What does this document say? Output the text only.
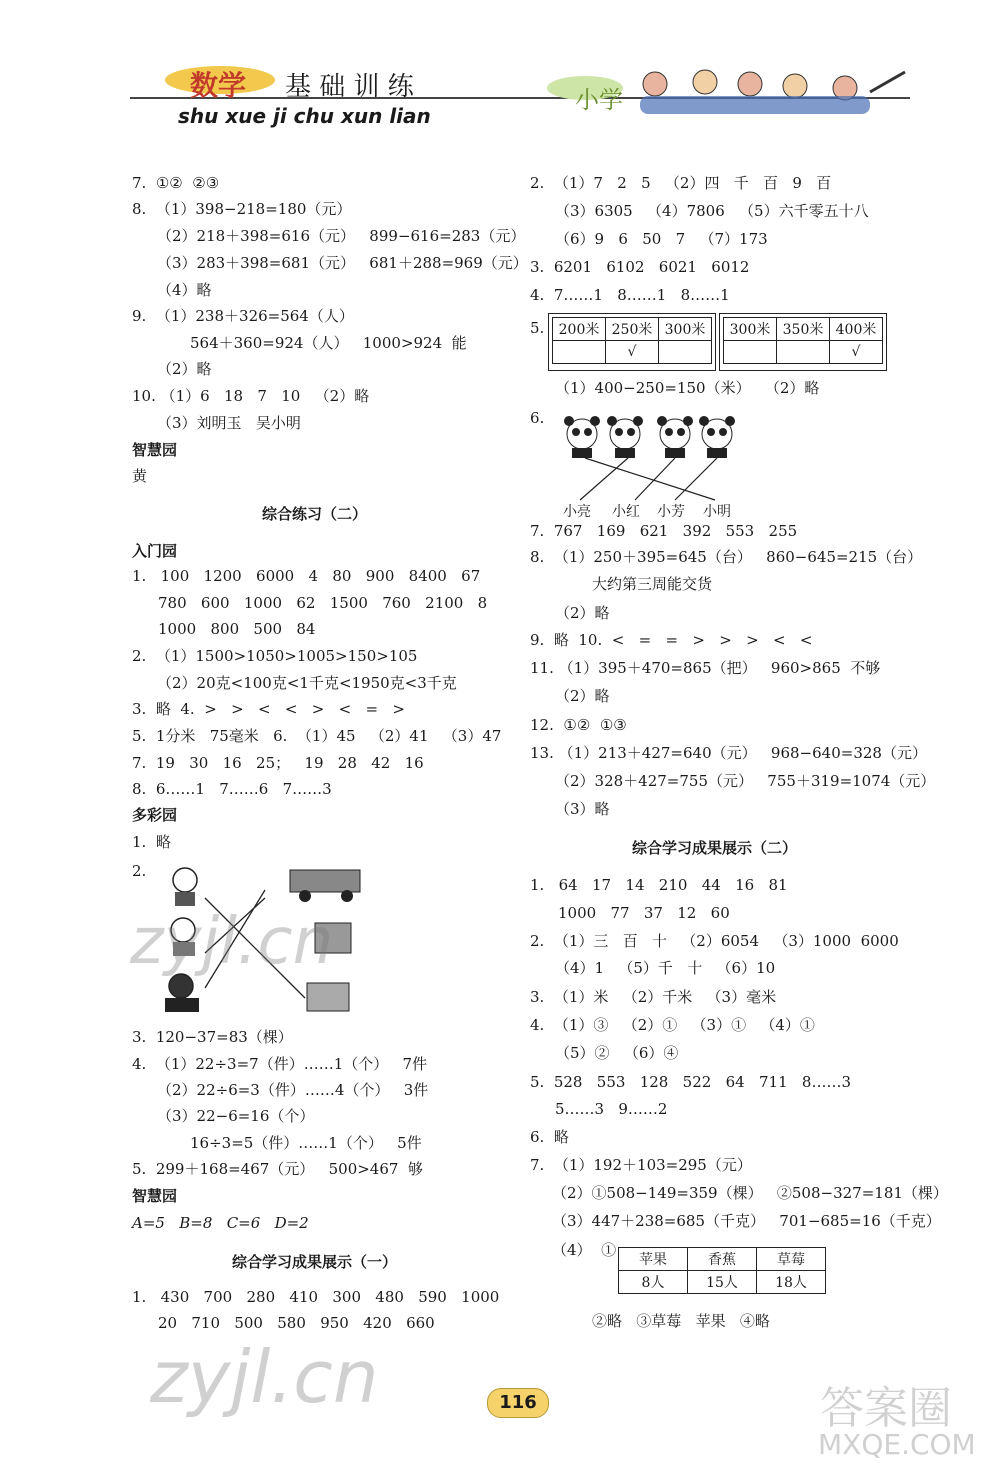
数学 基 础 训 练
shu xue ji chu xun lian
小学
7.  ①②  ②③
8.  （1）398−218=180（元）
（2）218＋398=616（元）   899−616=283（元）
（3）283＋398=681（元）   681＋288=969（元）
（4）略
9.  （1）238＋326=564（人）
564＋360=924（人）   1000>924  能
（2）略
10. （1）6   18   7   10   （2）略
（3）刘明玉   吴小明
智慧园
黄
综合练习（二）
入门园
1.   100   1200   6000   4   80   900   8400   67
780   600   1000   62   1500   760   2100   8
1000   800   500   84
2.  （1）1500>1050>1005>150>105
（2）20克<100克<1千克<1950克<3千克
3.  略  4.  >   >   <   <   >   <   =   >
5.  1分米   75毫米   6.  （1）45   （2）41   （3）47
7.  19   30   16   25；   19   28   42   16
8.  6……1   7……6   7……3
多彩园
1.  略
2.
3.  120−37=83（棵）
4.  （1）22÷3=7（件）……1（个）   7件
（2）22÷6=3（件）……4（个）   3件
（3）22−6=16（个）
16÷3=5（件）……1（个）   5件
5.  299＋168=467（元）   500>467  够
智慧园
A=5   B=8   C=6   D=2
综合学习成果展示（一）
1.   430   700   280   410   300   480   590   1000
20   710   500   580   950   420   660
2.  （1）7   2   5   （2）四   千   百   9   百
（3）6305   （4）7806   （5）六千零五十八
（6）9   6   50   7   （7）173
3.  6201   6102   6021   6012
4.  7……1   8……1   8……1
5. 200米	250米	300米
	√	
300米	350米	400米
		√
（1）400−250=150（米）   （2）略
6.
小亮 小红 小芳 小明
7.  767   169   621   392   553   255
8.  （1）250＋395=645（台）   860−645=215（台）
大约第三周能交货
（2）略
9.  略  10.  <   =   =   >   >   >   <   <
11. （1）395＋470=865（把）   960>865  不够
（2）略
12.  ①②  ①③
13. （1）213＋427=640（元）   968−640=328（元）
（2）328＋427=755（元）   755＋319=1074（元）
（3）略
综合学习成果展示（二）
1.   64   17   14   210   44   16   81
1000   77   37   12   60
2.  （1）三   百   十   （2）6054   （3）1000  6000
（4）1   （5）千   十   （6）10
3.  （1）米   （2）千米   （3）毫米
4.  （1）③   （2）①   （3）①   （4）①
（5）②   （6）④
5.  528   553   128   522   64   711   8……3
5……3   9……2
6.  略
7.  （1）192＋103=295（元）
（2）①508−149=359（棵）   ②508−327=181（棵）
（3）447＋238=685（千克）   701−685=16（千克）
（4）  ①
苹果	香蕉	草莓
8人	15人	18人
②略   ③草莓   苹果   ④略
116
zyjl.cn
zyjl.cn	答案圈
MXQE.COM
